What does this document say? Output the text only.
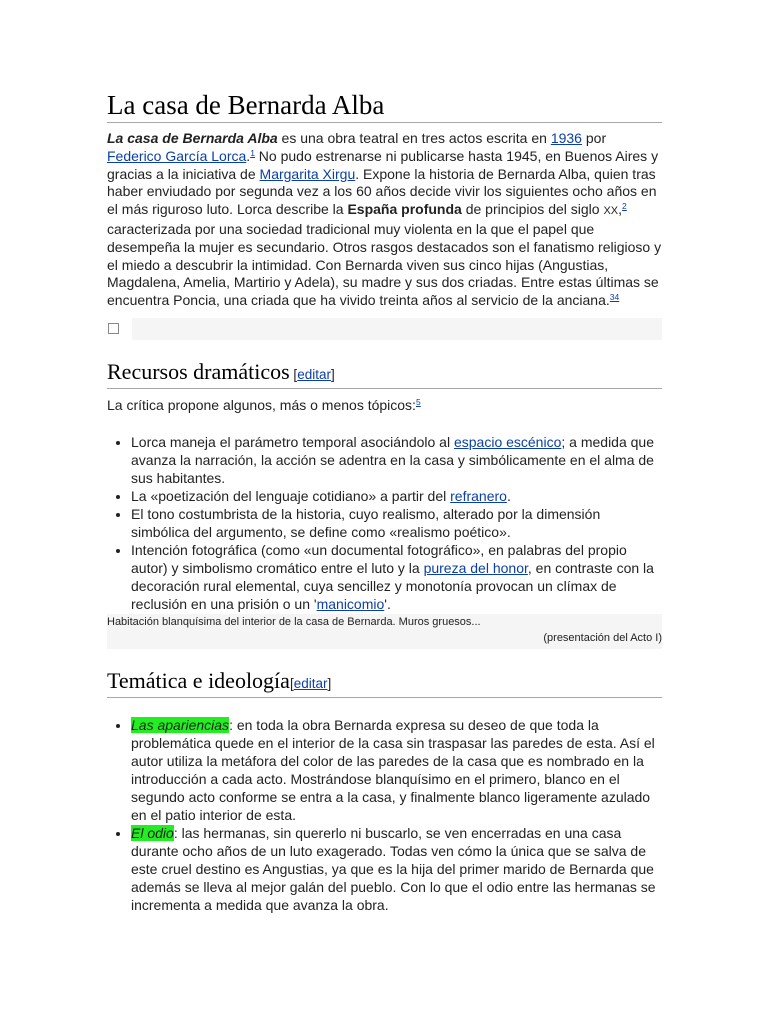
La casa de Bernarda Alba

La casa de Bernarda Alba es una obra teatral en tres actos escrita en 1936 por Federico García Lorca.$^1$ No pudo estrenarse ni publicarse hasta 1945, en Buenos Aires y gracias a la iniciativa de Margarita Xirgu. Expone la historia de Bernarda Alba, quien tras haber enviudado por segunda vez a los 60 años decide vivir los siguientes ocho años en el más riguroso luto. Lorca describe la España profunda de principios del siglo XX,$^2$ caracterizada por una sociedad tradicional muy violenta en la que el papel que desempeña la mujer es secundario. Otros rasgos destacados son el fanatismo religioso y el miedo a descubrir la intimidad. Con Bernarda viven sus cinco hijas (Angustias, Magdalena, Amelia, Martirio y Adela), su madre y sus dos criadas. Entre estas últimas se encuentra Poncia, una criada que ha vivido treinta años al servicio de la anciana.$^{34}$

Recursos dramáticos [editar]

La crítica propone algunos, más o menos tópicos:$^5$

• Lorca maneja el parámetro temporal asociándolo al espacio escénico; a medida que avanza la narración, la acción se adentra en la casa y simbólicamente en el alma de sus habitantes.
• La «poetización del lenguaje cotidiano» a partir del refranero.
• El tono costumbrista de la historia, cuyo realismo, alterado por la dimensión simbólica del argumento, se define como «realismo poético».
• Intención fotográfica (como «un documental fotográfico», en palabras del propio autor) y simbolismo cromático entre el luto y la pureza del honor, en contraste con la decoración rural elemental, cuya sencillez y monotonía provocan un clímax de reclusión en una prisión o un 'manicomio'.
Habitación blanquísima del interior de la casa de Bernarda. Muros gruesos...
(presentación del Acto I)
Temática e ideología[editar]
• Las apariencias: en toda la obra Bernarda expresa su deseo de que toda la problemática quede en el interior de la casa sin traspasar las paredes de esta. Así el autor utiliza la metáfora del color de las paredes de la casa que es nombrado en la introducción a cada acto. Mostrándose blanquísimo en el primero, blanco en el segundo acto conforme se entra a la casa, y finalmente blanco ligeramente azulado en el patio interior de esta.
• El odio: las hermanas, sin quererlo ni buscarlo, se ven encerradas en una casa durante ocho años de un luto exagerado. Todas ven cómo la única que se salva de este cruel destino es Angustias, ya que es la hija del primer marido de Bernarda que además se lleva al mejor galán del pueblo. Con lo que el odio entre las hermanas se incrementa a medida que avanza la obra.
